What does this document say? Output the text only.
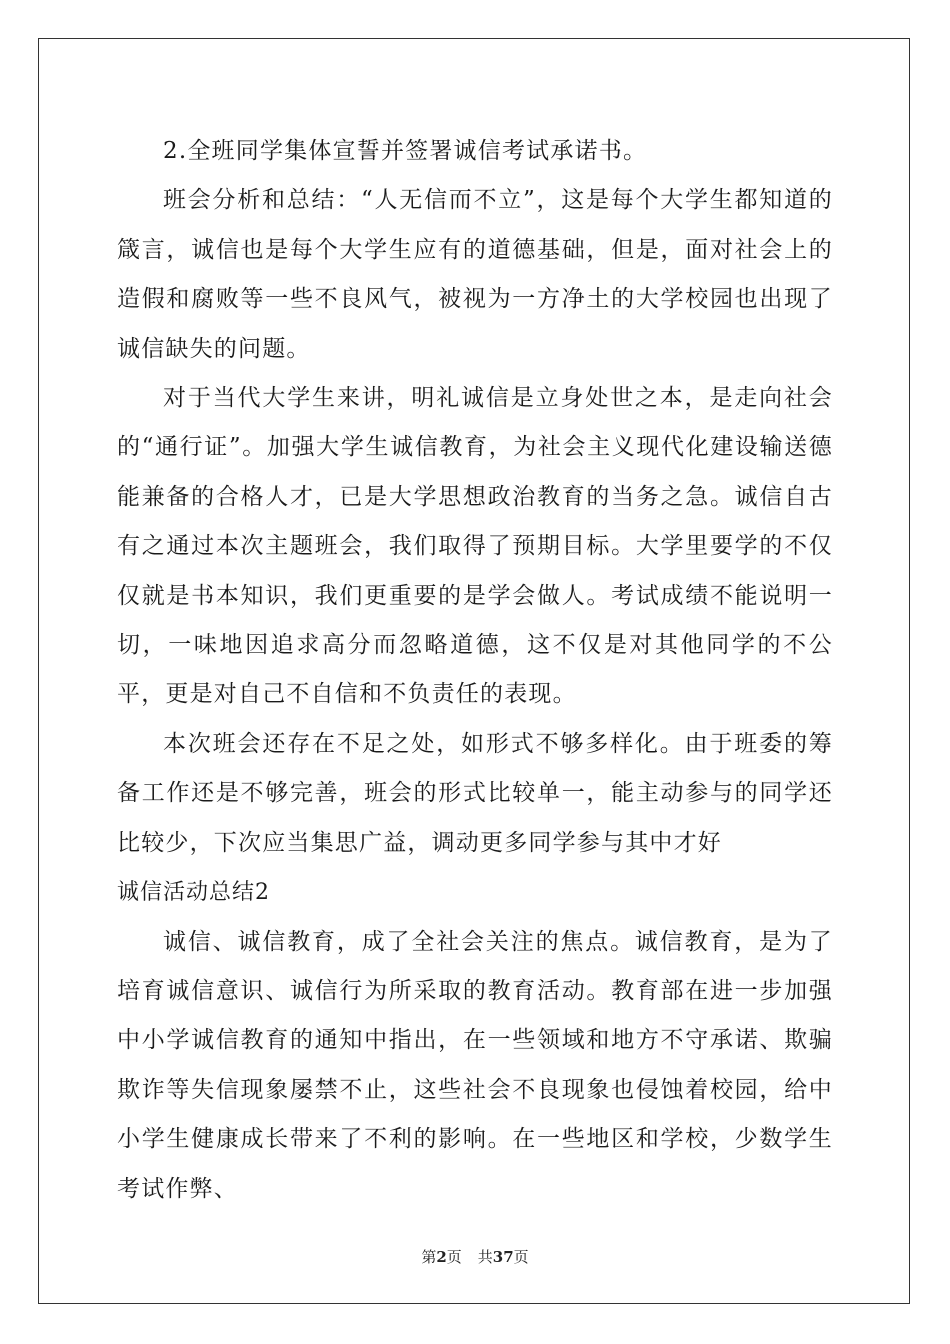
2.全班同学集体宣誓并签署诚信考试承诺书。

班会分析和总结：“人无信而不立”，这是每个大学生都知道的箴言，诚信也是每个大学生应有的道德基础，但是，面对社会上的造假和腐败等一些不良风气，被视为一方净土的大学校园也出现了诚信缺失的问题。

对于当代大学生来讲，明礼诚信是立身处世之本，是走向社会的“通行证”。加强大学生诚信教育，为社会主义现代化建设输送德能兼备的合格人才，已是大学思想政治教育的当务之急。诚信自古有之通过本次主题班会，我们取得了预期目标。大学里要学的不仅仅就是书本知识，我们更重要的是学会做人。考试成绩不能说明一切，一味地因追求高分而忽略道德，这不仅是对其他同学的不公平，更是对自己不自信和不负责任的表现。

本次班会还存在不足之处，如形式不够多样化。由于班委的筹备工作还是不够完善，班会的形式比较单一，能主动参与的同学还比较少，下次应当集思广益，调动更多同学参与其中才好

诚信活动总结2

诚信、诚信教育，成了全社会关注的焦点。诚信教育，是为了培育诚信意识、诚信行为所采取的教育活动。教育部在进一步加强中小学诚信教育的通知中指出，在一些领域和地方不守承诺、欺骗欺诈等失信现象屡禁不止，这些社会不良现象也侵蚀着校园，给中小学生健康成长带来了不利的影响。在一些地区和学校，少数学生考试作弊、

第2页 共37页
